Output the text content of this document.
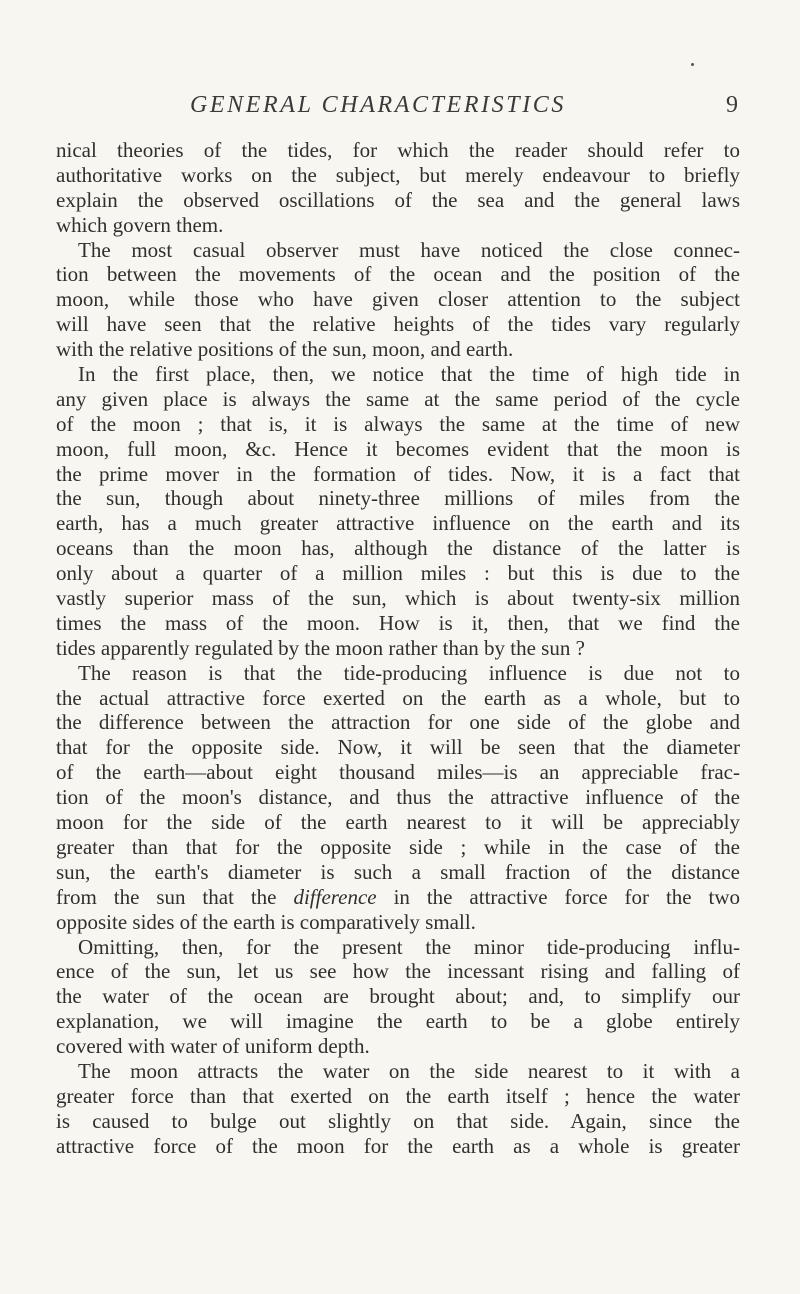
GENERAL CHARACTERISTICS	9
nical theories of the tides, for which the reader should refer to
authoritative works on the subject, but merely endeavour to briefly
explain the observed oscillations of the sea and the general laws
which govern them.
The most casual observer must have noticed the close connec-
tion between the movements of the ocean and the position of the
moon, while those who have given closer attention to the subject
will have seen that the relative heights of the tides vary regularly
with the relative positions of the sun, moon, and earth.
In the first place, then, we notice that the time of high tide in
any given place is always the same at the same period of the cycle
of the moon ; that is, it is always the same at the time of new
moon, full moon, &c. Hence it becomes evident that the moon is
the prime mover in the formation of tides. Now, it is a fact that
the sun, though about ninety-three millions of miles from the
earth, has a much greater attractive influence on the earth and its
oceans than the moon has, although the distance of the latter is
only about a quarter of a million miles : but this is due to the
vastly superior mass of the sun, which is about twenty-six million
times the mass of the moon. How is it, then, that we find the
tides apparently regulated by the moon rather than by the sun ?
The reason is that the tide-producing influence is due not to
the actual attractive force exerted on the earth as a whole, but to
the difference between the attraction for one side of the globe and
that for the opposite side. Now, it will be seen that the diameter
of the earth—about eight thousand miles—is an appreciable frac-
tion of the moon's distance, and thus the attractive influence of the
moon for the side of the earth nearest to it will be appreciably
greater than that for the opposite side ; while in the case of the
sun, the earth's diameter is such a small fraction of the distance
from the sun that the difference in the attractive force for the two
opposite sides of the earth is comparatively small.
Omitting, then, for the present the minor tide-producing influ-
ence of the sun, let us see how the incessant rising and falling of
the water of the ocean are brought about; and, to simplify our
explanation, we will imagine the earth to be a globe entirely
covered with water of uniform depth.
The moon attracts the water on the side nearest to it with a
greater force than that exerted on the earth itself ; hence the water
is caused to bulge out slightly on that side. Again, since the
attractive force of the moon for the earth as a whole is greater
